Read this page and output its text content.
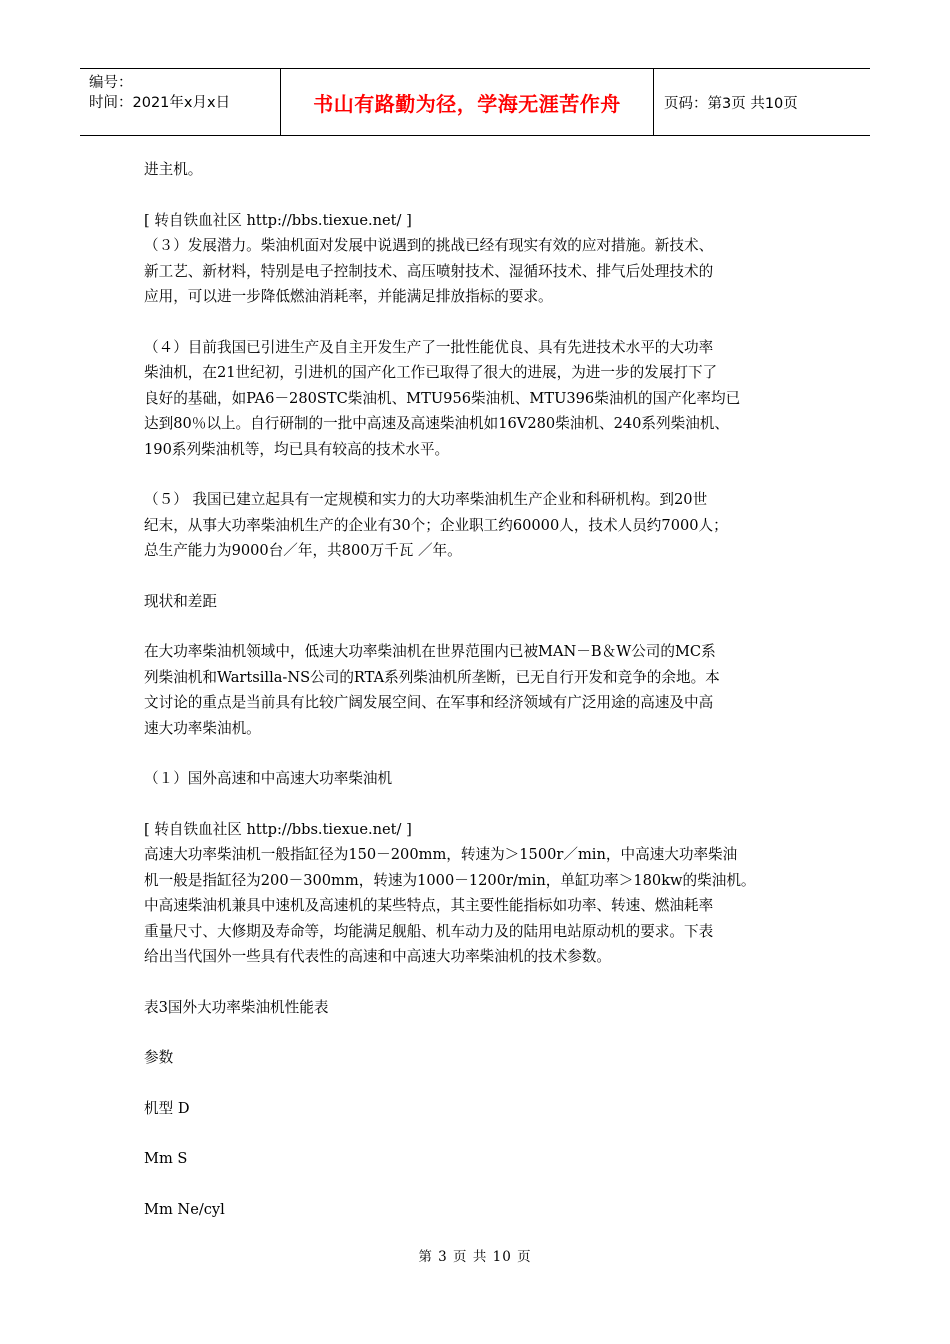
编号：
时间：2021年x月x日	书山有路勤为径，学海无涯苦作舟	页码：第3页 共10页

进主机。

[ 转自铁血社区 http://bbs.tiexue.net/ ]

（３）发展潜力。柴油机面对发展中说遇到的挑战已经有现实有效的应对措施。新技术、

新工艺、新材料，特别是电子控制技术、高压喷射技术、湿循环技术、排气后处理技术的

应用，可以进一步降低燃油消耗率，并能满足排放指标的要求。

（４）目前我国已引进生产及自主开发生产了一批性能优良、具有先进技术水平的大功率

柴油机，在21世纪初，引进机的国产化工作已取得了很大的进展，为进一步的发展打下了

良好的基础，如PA6－280STC柴油机、MTU956柴油机、MTU396柴油机的国产化率均已

达到80％以上。自行研制的一批中高速及高速柴油机如16V280柴油机、240系列柴油机、

190系列柴油机等，均已具有较高的技术水平。

（５） 我国已建立起具有一定规模和实力的大功率柴油机生产企业和科研机构。到20世

纪末，从事大功率柴油机生产的企业有30个；企业职工约60000人，技术人员约7000人；

总生产能力为9000台／年，共800万千瓦 ／年。

现状和差距

在大功率柴油机领域中，低速大功率柴油机在世界范围内已被MAN－B＆W公司的MC系

列柴油机和Wartsilla-NS公司的RTA系列柴油机所垄断，已无自行开发和竞争的余地。本

文讨论的重点是当前具有比较广阔发展空间、在军事和经济领域有广泛用途的高速及中高

速大功率柴油机。

（１）国外高速和中高速大功率柴油机

[ 转自铁血社区 http://bbs.tiexue.net/ ]

高速大功率柴油机一般指缸径为150－200mm，转速为＞1500r／min，中高速大功率柴油

机一般是指缸径为200－300mm，转速为1000－1200r/min，单缸功率＞180kw的柴油机。

中高速柴油机兼具中速机及高速机的某些特点，其主要性能指标如功率、转速、燃油耗率

重量尺寸、大修期及寿命等，均能满足舰船、机车动力及的陆用电站原动机的要求。下表

给出当代国外一些具有代表性的高速和中高速大功率柴油机的技术参数。

表3国外大功率柴油机性能表

参数

机型 D

Mm S

Mm Ne/cyl

第 3 页 共 10 页
